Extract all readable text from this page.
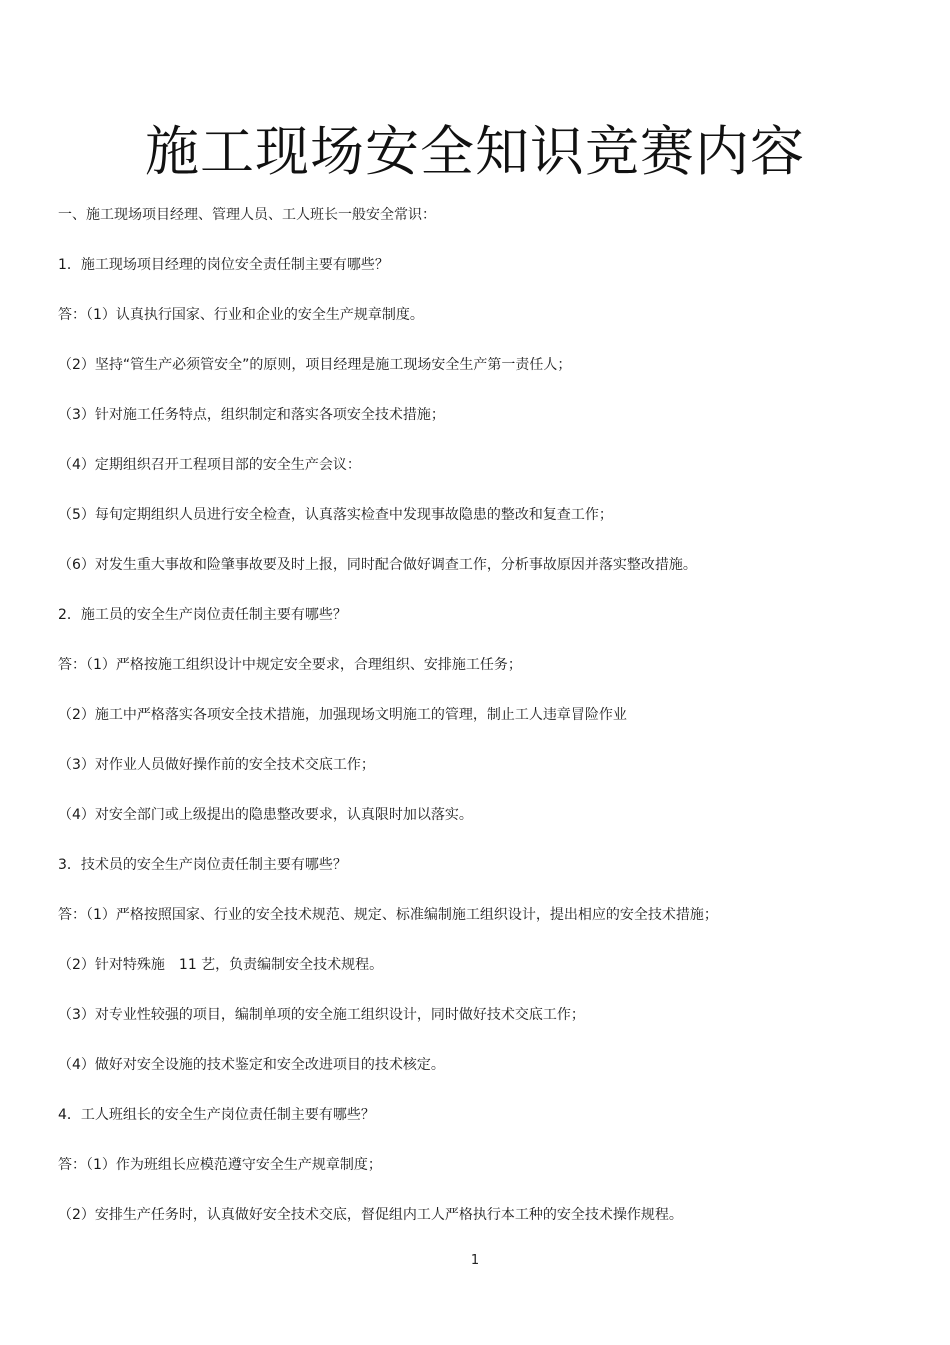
施工现场安全知识竞赛内容
一、施工现场项目经理、管理人员、工人班长一般安全常识：
1．施工现场项目经理的岗位安全责任制主要有哪些？
答：（1）认真执行国家、行业和企业的安全生产规章制度。
（2）坚持“管生产必须管安全”的原则，项目经理是施工现场安全生产第一责任人；
（3）针对施工任务特点，组织制定和落实各项安全技术措施；
（4）定期组织召开工程项目部的安全生产会议：
（5）每旬定期组织人员进行安全检查，认真落实检查中发现事故隐患的整改和复查工作；
（6）对发生重大事故和险肇事故要及时上报，同时配合做好调查工作，分析事故原因并落实整改措施。
2．施工员的安全生产岗位责任制主要有哪些？
答：（1）严格按施工组织设计中规定安全要求，合理组织、安排施工任务；
（2）施工中严格落实各项安全技术措施，加强现场文明施工的管理，制止工人违章冒险作业
（3）对作业人员做好操作前的安全技术交底工作；
（4）对安全部门或上级提出的隐患整改要求，认真限时加以落实。
3．技术员的安全生产岗位责任制主要有哪些？
答：（1）严格按照国家、行业的安全技术规范、规定、标准编制施工组织设计，提出相应的安全技术措施；
（2）针对特殊施　11 艺，负责编制安全技术规程。
（3）对专业性较强的项目，编制单项的安全施工组织设计，同时做好技术交底工作；
（4）做好对安全设施的技术鉴定和安全改进项目的技术核定。
4．工人班组长的安全生产岗位责任制主要有哪些？
答：（1）作为班组长应模范遵守安全生产规章制度；
（2）安排生产任务时，认真做好安全技术交底，督促组内工人严格执行本工种的安全技术操作规程。
1
